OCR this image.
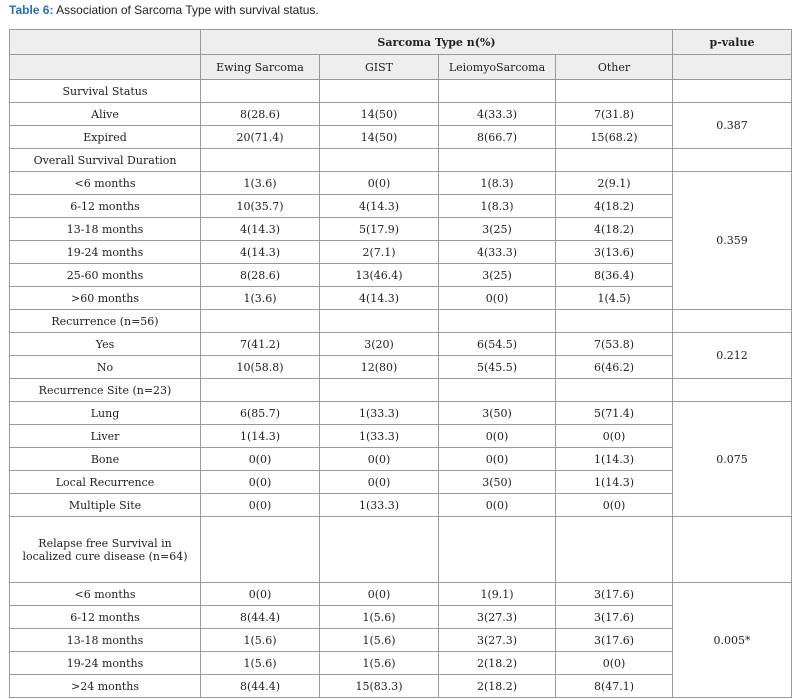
Table 6: Association of Sarcoma Type with survival status.
	Sarcoma Type n(%)				p-value
	Ewing Sarcoma	GIST	LeiomyoSarcoma	Other	
Survival Status					
Alive	8(28.6)	14(50)	4(33.3)	7(31.8)	0.387
Expired	20(71.4)	14(50)	8(66.7)	15(68.2)	
Overall Survival Duration					
<6 months	1(3.6)	0(0)	1(8.3)	2(9.1)	0.359
6-12 months	10(35.7)	4(14.3)	1(8.3)	4(18.2)	
13-18 months	4(14.3)	5(17.9)	3(25)	4(18.2)	
19-24 months	4(14.3)	2(7.1)	4(33.3)	3(13.6)	
25-60 months	8(28.6)	13(46.4)	3(25)	8(36.4)	
>60 months	1(3.6)	4(14.3)	0(0)	1(4.5)	
Recurrence (n=56)					
Yes	7(41.2)	3(20)	6(54.5)	7(53.8)	0.212
No	10(58.8)	12(80)	5(45.5)	6(46.2)	
Recurrence Site (n=23)					
Lung	6(85.7)	1(33.3)	3(50)	5(71.4)	0.075
Liver	1(14.3)	1(33.3)	0(0)	0(0)	
Bone	0(0)	0(0)	0(0)	1(14.3)	
Local Recurrence	0(0)	0(0)	3(50)	1(14.3)	
Multiple Site	0(0)	1(33.3)	0(0)	0(0)	
Relapse free Survival in localized cure disease (n=64)					
<6 months	0(0)	0(0)	1(9.1)	3(17.6)	0.005*
6-12 months	8(44.4)	1(5.6)	3(27.3)	3(17.6)	
13-18 months	1(5.6)	1(5.6)	3(27.3)	3(17.6)	
19-24 months	1(5.6)	1(5.6)	2(18.2)	0(0)	
>24 months	8(44.4)	15(83.3)	2(18.2)	8(47.1)	
